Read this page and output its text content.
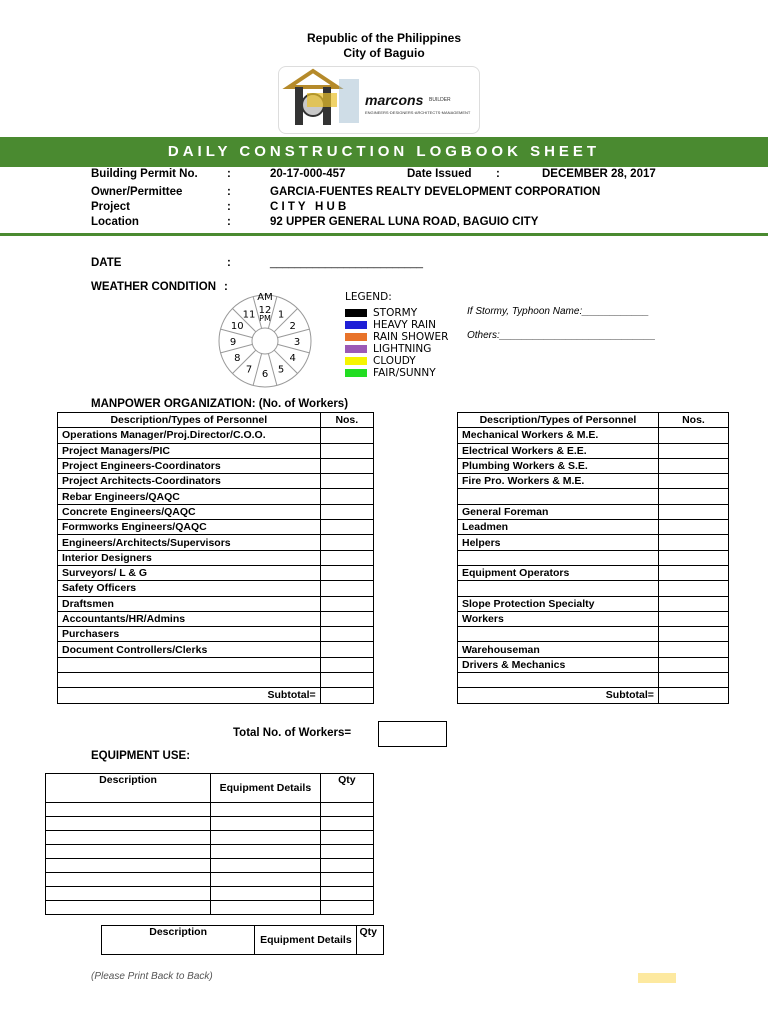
Republic of the Philippines
City of Baguio
marcons BUILDER
ENGINEERS·DESIGNERS·ARCHITECTS·MANAGEMENT
DAILY CONSTRUCTION LOGBOOK SHEET
Building Permit No.	:	20-17-000-457	Date Issued :	DECEMBER 28, 2017
Owner/Permittee	:	GARCIA-FUENTES REALTY DEVELOPMENT CORPORATION
Project	:	C I T Y   H U B
Location	:	92 UPPER GENERAL LUNA ROAD, BAGUIO CITY
DATE	:	_________________________
WEATHER CONDITION :
12 1
2
3
4
5
6
7
8
9
10
11
AM
PM
LEGEND:
STORMY
HEAVY RAIN
RAIN SHOWER
LIGHTNING
CLOUDY
FAIR/SUNNY
If Stormy, Typhoon Name:____________
Others:____________________________
MANPOWER ORGANIZATION: (No. of Workers)
Description/Types of Personnel	Nos.
Operations Manager/Proj.Director/C.O.O.	
Project Managers/PIC	
Project Engineers-Coordinators	
Project Architects-Coordinators	
Rebar Engineers/QAQC	
Concrete Engineers/QAQC	
Formworks Engineers/QAQC	
Engineers/Architects/Supervisors	
Interior Designers	
Surveyors/ L & G	
Safety Officers	
Draftsmen	
Accountants/HR/Admins	
Purchasers	
Document Controllers/Clerks	

Subtotal=	
Description/Types of Personnel	Nos.
Mechanical Workers & M.E.	
Electrical Workers & E.E.	
Plumbing Workers & S.E.	
Fire Pro. Workers & M.E.	

General Foreman	
Leadmen	
Helpers	

Equipment Operators	

Slope Protection Specialty	
Workers	

Warehouseman	
Drivers & Mechanics	

Subtotal=	
Total No. of Workers=
EQUIPMENT USE:
Description	Equipment Details	Qty

Description	Equipment Details	Qty
(Please Print Back to Back)
